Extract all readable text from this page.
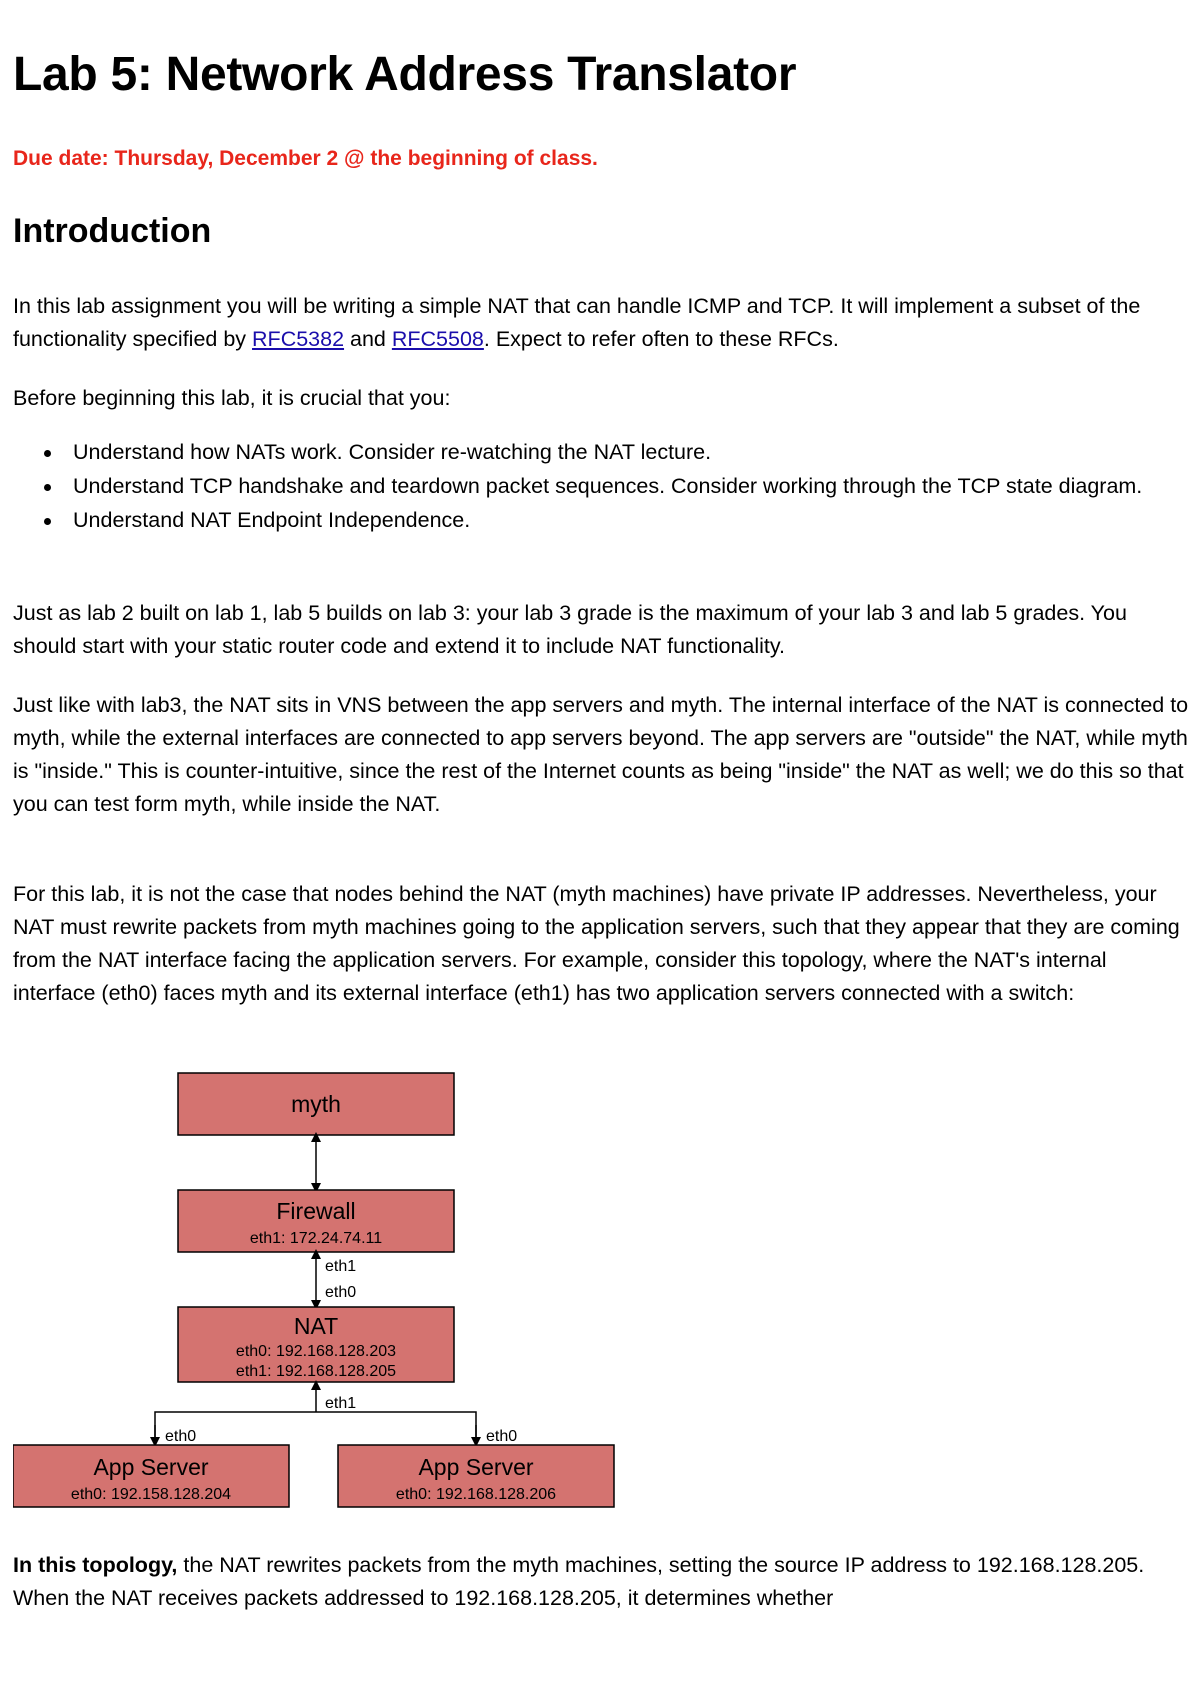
Lab 5: Network Address Translator
Due date: Thursday, December 2 @ the beginning of class.
Introduction
In this lab assignment you will be writing a simple NAT that can handle ICMP and TCP. It will implement a subset of the functionality specified by RFC5382 and RFC5508. Expect to refer often to these RFCs.
Before beginning this lab, it is crucial that you:
Understand how NATs work. Consider re-watching the NAT lecture.
Understand TCP handshake and teardown packet sequences. Consider working through the TCP state diagram.
Understand NAT Endpoint Independence.
Just as lab 2 built on lab 1, lab 5 builds on lab 3: your lab 3 grade is the maximum of your lab 3 and lab 5 grades. You should start with your static router code and extend it to include NAT functionality.
Just like with lab3, the NAT sits in VNS between the app servers and myth. The internal interface of the NAT is connected to myth, while the external interfaces are connected to app servers beyond. The app servers are "outside" the NAT, while myth is "inside." This is counter-intuitive, since the rest of the Internet counts as being "inside" the NAT as well; we do this so that you can test form myth, while inside the NAT.
For this lab, it is not the case that nodes behind the NAT (myth machines) have private IP addresses. Nevertheless, your NAT must rewrite packets from myth machines going to the application servers, such that they appear that they are coming from the NAT interface facing the application servers. For example, consider this topology, where the NAT's internal interface (eth0) faces myth and its external interface (eth1) has two application servers connected with a switch:
myth
Firewall
eth1: 172.24.74.11
eth1
eth0
NAT
eth0: 192.168.128.203
eth1: 192.168.128.205
eth1
eth0	eth0
App Server
eth0: 192.158.128.204
App Server
eth0: 192.168.128.206
In this topology, the NAT rewrites packets from the myth machines, setting the source IP address to 192.168.128.205. When the NAT receives packets addressed to 192.168.128.205, it determines whether
